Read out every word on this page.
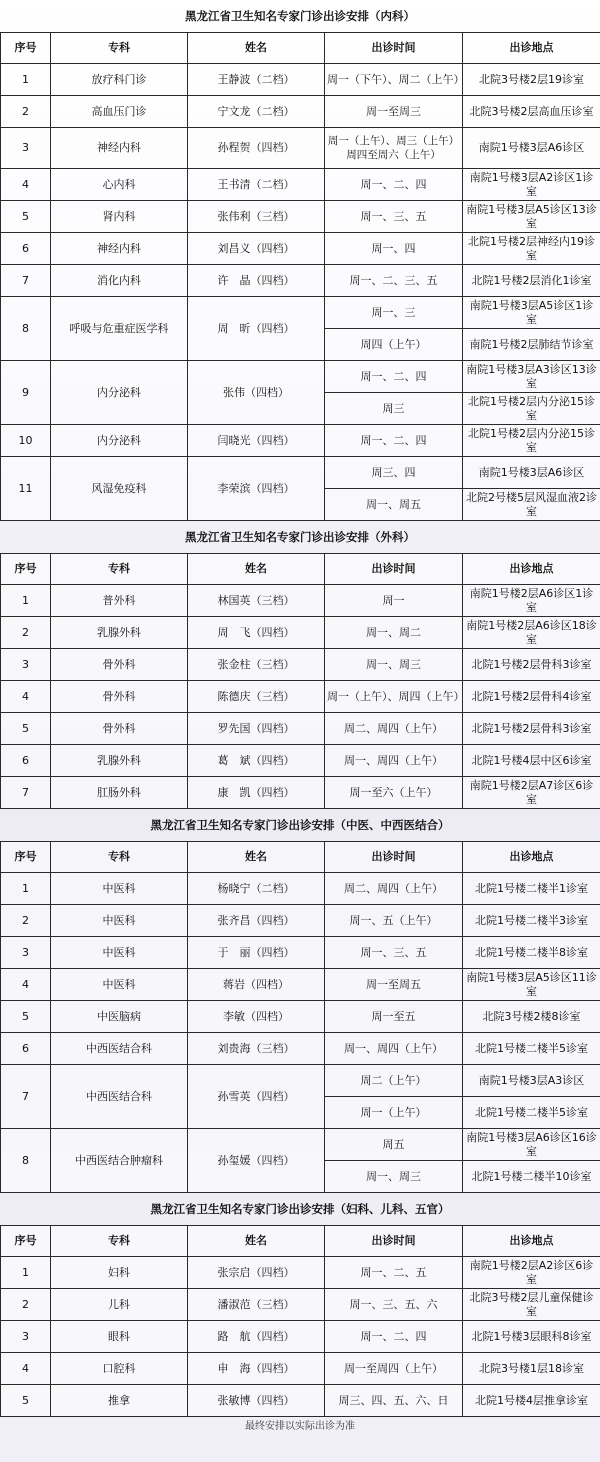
黑龙江省卫生知名专家门诊出诊安排（内科）
序号	专科	姓名	出诊时间	出诊地点
1	放疗科门诊	王静波（二档）	周一（下午）、周二（上午）	北院3号楼2层19诊室
2	高血压门诊	宁文龙（二档）	周一至周三	北院3号楼2层高血压诊室
3	神经内科	孙程贺（四档）	周一（上午）、周三（上午）
周四至周六（上午）	南院1号楼3层A6诊区
4	心内科	王书清（二档）	周一、二、四	南院1号楼3层A2诊区1诊室
5	肾内科	张伟利（三档）	周一、三、五	南院1号楼3层A5诊区13诊室
6	神经内科	刘昌义（四档）	周一、四	北院1号楼2层神经内19诊室
7	消化内科	许　晶（四档）	周一、二、三、五	北院1号楼2层消化1诊室
8	呼吸与危重症医学科	周　昕（四档）	周一、三	南院1号楼3层A5诊区1诊室
			周四（上午）	南院1号楼2层肺结节诊室
9	内分泌科	张伟（四档）	周一、二、四	南院1号楼3层A3诊区13诊室
			周三	北院1号楼2层内分泌15诊室
10	内分泌科	闫晓光（四档）	周一、二、四	北院1号楼2层内分泌15诊室
11	风湿免疫科	李荣滨（四档）	周三、四	南院1号楼3层A6诊区
			周一、周五	北院2号楼5层风湿血液2诊室
黑龙江省卫生知名专家门诊出诊安排（外科）
序号	专科	姓名	出诊时间	出诊地点
1	普外科	林国英（三档）	周一	南院1号楼2层A6诊区1诊室
2	乳腺外科	周　飞（四档）	周一、周二	南院1号楼2层A6诊区18诊室
3	骨外科	张金柱（三档）	周一、周三	北院1号楼2层骨科3诊室
4	骨外科	陈德庆（三档）	周一（上午）、周四（上午）	北院1号楼2层骨科4诊室
5	骨外科	罗先国（四档）	周二、周四（上午）	北院1号楼2层骨科3诊室
6	乳腺外科	葛　斌（四档）	周一、周四（上午）	北院1号楼4层中区6诊室
7	肛肠外科	康　凯（四档）	周一至六（上午）	南院1号楼2层A7诊区6诊室
黑龙江省卫生知名专家门诊出诊安排（中医、中西医结合）
序号	专科	姓名	出诊时间	出诊地点
1	中医科	杨晓宁（二档）	周二、周四（上午）	北院1号楼二楼半1诊室
2	中医科	张齐昌（四档）	周一、五（上午）	北院1号楼二楼半3诊室
3	中医科	于　丽（四档）	周一、三、五	北院1号楼二楼半8诊室
4	中医科	蒋岩（四档）	周一至周五	南院1号楼3层A5诊区11诊室
5	中医脑病	李敏（四档）	周一至五	北院3号楼2楼8诊室
6	中西医结合科	刘贵海（三档）	周一、周四（上午）	北院1号楼二楼半5诊室
7	中西医结合科	孙雪英（四档）	周二（上午）	南院1号楼3层A3诊区
			周一（上午）	北院1号楼二楼半5诊室
8	中西医结合肿瘤科	孙玺媛（四档）	周五	南院1号楼3层A6诊区16诊室
			周一、周三	北院1号楼二楼半10诊室
黑龙江省卫生知名专家门诊出诊安排（妇科、儿科、五官）
序号	专科	姓名	出诊时间	出诊地点
1	妇科	张宗启（四档）	周一、二、五	南院1号楼2层A2诊区6诊室
2	儿科	潘淑范（三档）	周一、三、五、六	北院3号楼2层儿童保健诊室
3	眼科	路　航（四档）	周一、二、四	北院1号楼3层眼科8诊室
4	口腔科	申　海（四档）	周一至周四（上午）	北院3号楼1层18诊室
5	推拿	张敏博（四档）	周三、四、五、六、日	北院1号楼4层推拿诊室
最终安排以实际出诊为准
